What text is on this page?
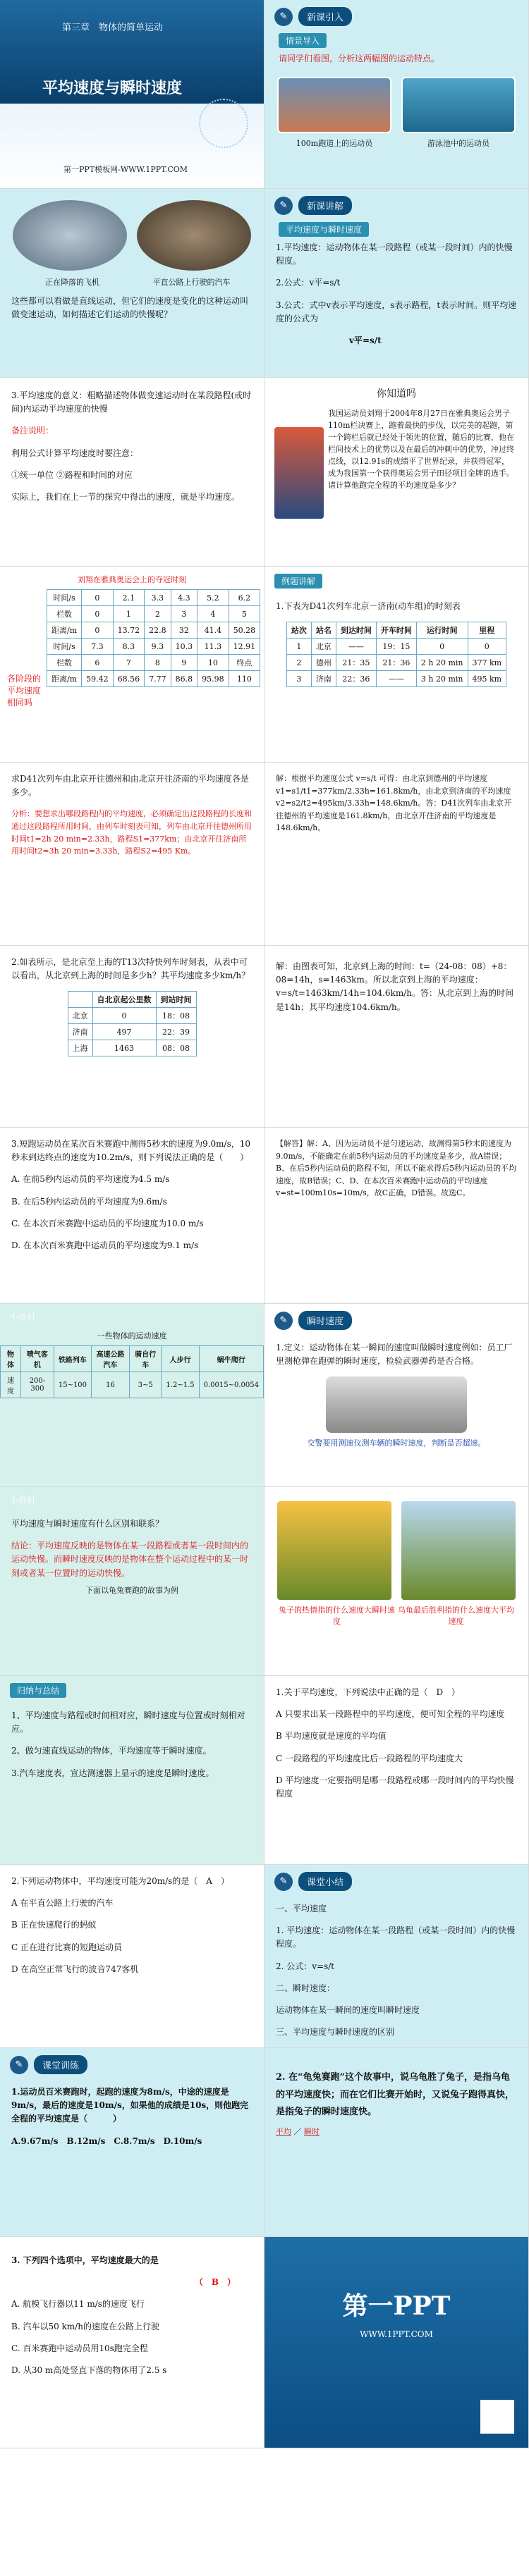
第三章　物体的简单运动
平均速度与瞬时速度
第一PPT模板网-WWW.1PPT.COM
✎	新课引入
情景导入
请同学们看图，分析这两幅图的运动特点。
100m跑道上的运动员	游泳池中的运动员
正在降落的飞机	平直公路上行驶的汽车
这些都可以看做是直线运动，但它们的速度是变化的这种运动叫做变速运动，如何描述它们运动的快慢呢？
✎	新课讲解
平均速度与瞬时速度
1.平均速度：运动物体在某一段路程（或某一段时间）内的快慢程度。
2.公式：v平=s/t
3.公式：式中v表示平均速度，s表示路程，t表示时间。则平均速度的公式为
v平=s/t
3.平均速度的意义：粗略描述物体做变速运动时在某段路程(或时间)内运动平均速度的快慢
备注说明：
利用公式计算平均速度时要注意：
①统一单位 ②路程和时间的对应
实际上，我们在上一节的探究中得出的速度，就是平均速度。
你知道吗
我国运动员刘翔于2004年8月27日在雅典奥运会男子110m栏决赛上，跑着最快的步伐，以完美的起跑，第一个跨栏后就已经处于领先的位置，随后的比赛，他在栏间技术上的优势以及在最后的冲刺中的优势，冲过终点线，以12.91s的成绩平了世界纪录，并获得冠军，成为我国第一个获得奥运会男子田径项目金牌的选手。请计算他跑完全程的平均速度是多少？
刘翔在雅典奥运会上的夺冠时刻
时间/s	0	2.1	3.3	4.3	5.2	6.2
栏数	0	1	2	3	4	5
距离/m	0	13.72	22.8	32	41.4	50.28
时间/s	7.3	8.3	9.3	10.3	11.3	12.91
栏数	6	7	8	9	10	终点
距离/m	59.42	68.56	7.77	86.8	95.98	110
各阶段的平均速度相同吗
例题讲解
1.下表为D41次列车北京－济南(动车组)的时刻表
站次	站名	到达时间	开车时间	运行时间	里程
1	北京	——	19：15	0	0
2	德州	21：35	21：36	2 h 20 min	377 km
3	济南	22：36	——	3 h 20 min	495 km
求D41次列车由北京开往德州和由北京开往济南的平均速度各是多少。
分析：要想求出哪段路程内的平均速度，必须确定出这段路程的长度和通过这段路程所用时间，由列车时刻表可知，列车由北京开往德州所用时间t1=2h 20 min=2.33h，路程S1=377km；由北京开往济南所用时间t2=3h 20 min=3.33h，路程S2=495 Km。
解：根据平均速度公式 v=s/t 可得：由北京到德州的平均速度 v1=s1/t1=377km/2.33h=161.8km/h，由北京到济南的平均速度 v2=s2/t2=495km/3.33h=148.6km/h。答：D41次列车由北京开往德州的平均速度是161.8km/h，由北京开往济南的平均速度是148.6km/h。
2.如表所示，是北京至上海的T13次特快列车时刻表，从表中可以看出，从北京到上海的时间是多少h？其平均速度多少km/h？
	自北京起公里数	到站时间
北京	0	18：08
济南	497	22：39
上海	1463	08：08
解：由图表可知，北京到上海的时间：t=（24-08：08）+8：08=14h，s=1463km。所以北京到上海的平均速度：v=s/t=1463km/14h=104.6km/h。答：从北京到上海的时间是14h；其平均速度104.6km/h。
3.短跑运动员在某次百米赛跑中测得5秒末的速度为9.0m/s，10秒末到达终点的速度为10.2m/s，则下列说法正确的是（　　）
A. 在前5秒内运动员的平均速度为4.5 m/s
B. 在后5秒内运动员的平均速度为9.6m/s
C. 在本次百米赛跑中运动员的平均速度为10.0 m/s
D. 在本次百米赛跑中运动员的平均速度为9.1 m/s
【解答】解：A、因为运动员不是匀速运动，故测得第5秒末的速度为9.0m/s，不能确定在前5秒内运动员的平均速度是多少，故A错误；B、在后5秒内运动员的路程不知，所以不能求得后5秒内运动员的平均速度，故B错误；C、D、在本次百米赛跑中运动员的平均速度v=st=100m10s=10m/s，故C正确，D错误。故选C。
小资料
一些物体的运动速度
物体	喷气客机	铁路列车	高速公路汽车	骑自行车	人步行	蜗牛爬行
速度	200-300	15~100	16	3~5	1.2~1.5	0.0015~0.0054
✎	瞬时速度
1.定义：运动物体在某一瞬间的速度叫做瞬时速度例如：员工厂里测枪弹在跑弹的瞬时速度，检验武器弹药是否合格。
交警要用测速仪测车辆的瞬时速度，判断是否超速。
小资料
平均速度与瞬时速度有什么区别和联系？
结论：平均速度反映的是物体在某一段路程或者某一段时间内的运动快慢。而瞬时速度反映的是物体在整个运动过程中的某一时刻或者某一位置时的运动快慢。
下面以龟兔赛跑的故事为例
兔子的热情指的什么速度大瞬时速度
乌龟最后胜利指的什么速度大平均速度
归纳与总结
1、平均速度与路程或时间相对应，瞬时速度与位置或时刻相对应。
2、做匀速直线运动的物体，平均速度等于瞬时速度。
3.汽车速度表，宣达测速器上显示的速度是瞬时速度。
1.关于平均速度，下列说法中正确的是（　D　）
A 只要求出某一段路程中的平均速度，便可知全程的平均速度
B 平均速度就是速度的平均值
C 一段路程的平均速度比后一段路程的平均速度大
D 平均速度一定要指明是哪一段路程或哪一段时间内的平均快慢程度
2.下列运动物体中，平均速度可能为20m/s的是（　A　）
A 在平直公路上行驶的汽车
B 正在快速爬行的蚂蚁
C 正在进行比赛的短跑运动员
D 在高空正常飞行的波音747客机
✎	课堂小结
一、平均速度
1. 平均速度：运动物体在某一段路程（或某一段时间）内的快慢程度。
2. 公式：v=s/t
二、瞬时速度：
运动物体在某一瞬间的速度叫瞬时速度
三、平均速度与瞬时速度的区别
✎	课堂训练
1.运动员百米赛跑时，起跑的速度为8m/s，中途的速度是9m/s，最后的速度是10m/s，如果他的成绩是10s，则他跑完全程的平均速度是（　　　）
A.9.67m/s　B.12m/s　C.8.7m/s　D.10m/s
2. 在“龟兔赛跑”这个故事中，说乌龟胜了兔子，是指乌龟的平均速度快；而在它们比赛开始时，又说兔子跑得真快，是指兔子的瞬时速度快。
平均 ／ 瞬时
3. 下列四个选项中，平均速度最大的是
（　B　）
A. 航模飞行器以11 m/s的速度飞行
B. 汽车以50 km/h的速度在公路上行驶
C. 百米赛跑中运动员用10s跑完全程
D. 从30 m高处竖直下落的物体用了2.5 s
第一PPT
WWW.1PPT.COM
